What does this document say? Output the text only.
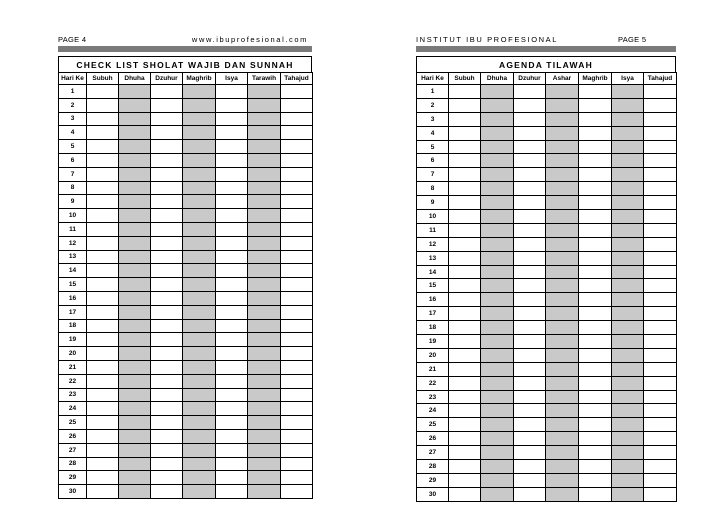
PAGE 4	www.ibuprofesional.com
CHECK LIST SHOLAT WAJIB DAN SUNNAH
Hari Ke	Subuh	Dhuha	Dzuhur	Maghrib	Isya	Tarawih	Tahajud
1							
2							
3							
4							
5							
6							
7							
8							
9							
10							
11							
12							
13							
14							
15							
16							
17							
18							
19							
20							
21							
22							
23							
24							
25							
26							
27							
28							
29							
30							
INSTITUT IBU PROFESIONAL	PAGE 5
AGENDA TILAWAH
Hari Ke	Subuh	Dhuha	Dzuhur	Ashar	Maghrib	Isya	Tahajud
1							
2							
3							
4							
5							
6							
7							
8							
9							
10							
11							
12							
13							
14							
15							
16							
17							
18							
19							
20							
21							
22							
23							
24							
25							
26							
27							
28							
29							
30							
